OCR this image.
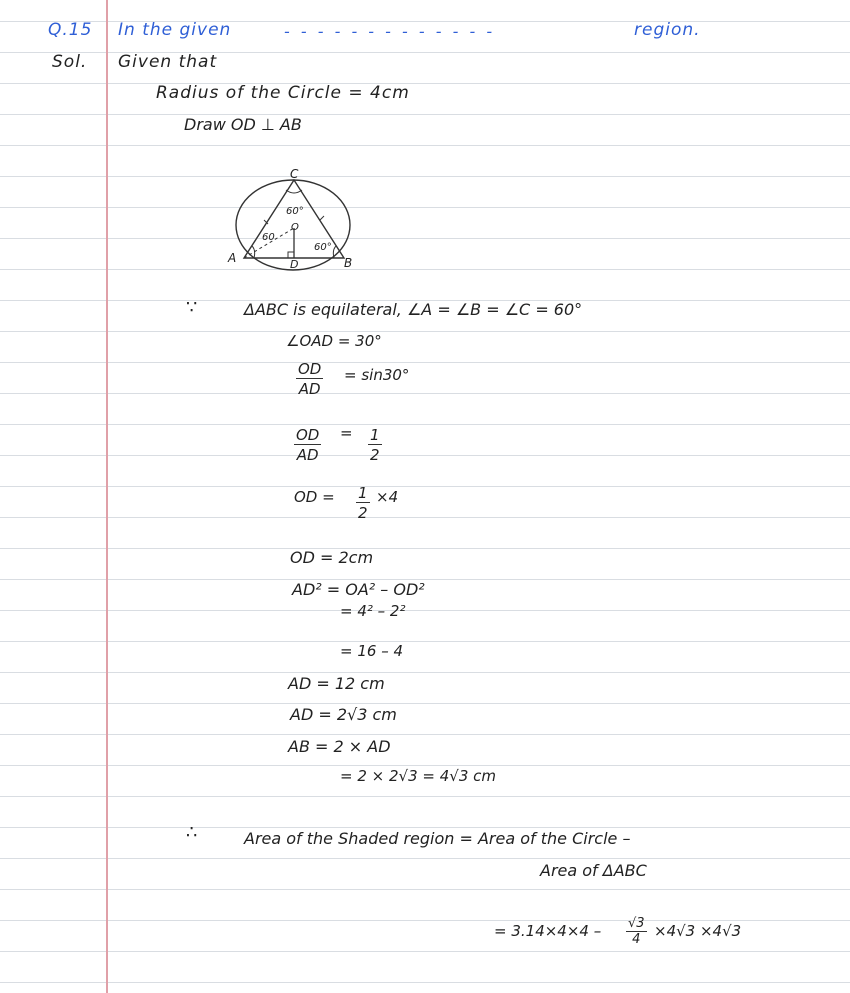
Q.15 In the given	- - - - - - - - - - - - -	region.
Sol. Given that
Radius of the Circle = 4cm
Draw OD ⊥ AB
C
A	B
D
O
60°
60
60°
∵	ΔABC is equilateral, ∠A = ∠B = ∠C = 60°
∠OAD = 30°
$\frac{OD}{AD} = \sin 30^\circ$
$\frac{OD}{AD} = \frac{1}{2}$
OD = $\frac{1}{2} \times 4$
OD = 2cm
AD² = OA² – OD²
= 4² – 2²
= 16 – 4
AD = 12 cm
AD = 2√3 cm
AB = 2 × AD
= 2 × 2√3 = 4√3 cm
∴	Area of the Shaded region = Area of the Circle –
Area of ΔABC
= $3.14\times 4\times 4 - \frac{√3}{4} \times 4√3 \times 4√3$
